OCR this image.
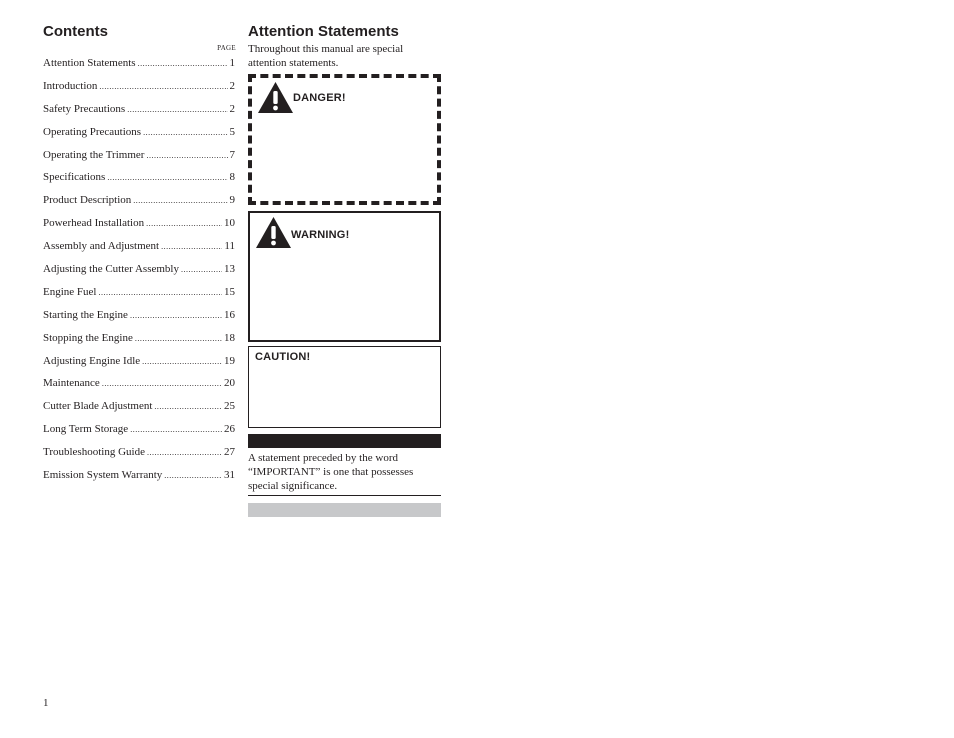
Contents
PAGE
Attention Statements .....	1
Introduction .....	2
Safety Precautions .....	2
Operating Precautions .....	5
Operating the Trimmer .....	7
Specifications .....	8
Product Description .....	9
Powerhead Installation .....	10
Assembly and Adjustment .....	11
Adjusting the Cutter Assembly .....	13
Engine Fuel .....	15
Starting the Engine .....	16
Stopping the Engine .....	18
Adjusting Engine Idle .....	19
Maintenance .....	20
Cutter Blade Adjustment .....	25
Long Term Storage .....	26
Troubleshooting Guide .....	27
Emission System Warranty .....	31
Attention Statements

Throughout this manual are special attention statements.

DANGER!
WARNING!
CAUTION!

A statement preceded by the word “IMPORTANT” is one that possesses special significance.

1
